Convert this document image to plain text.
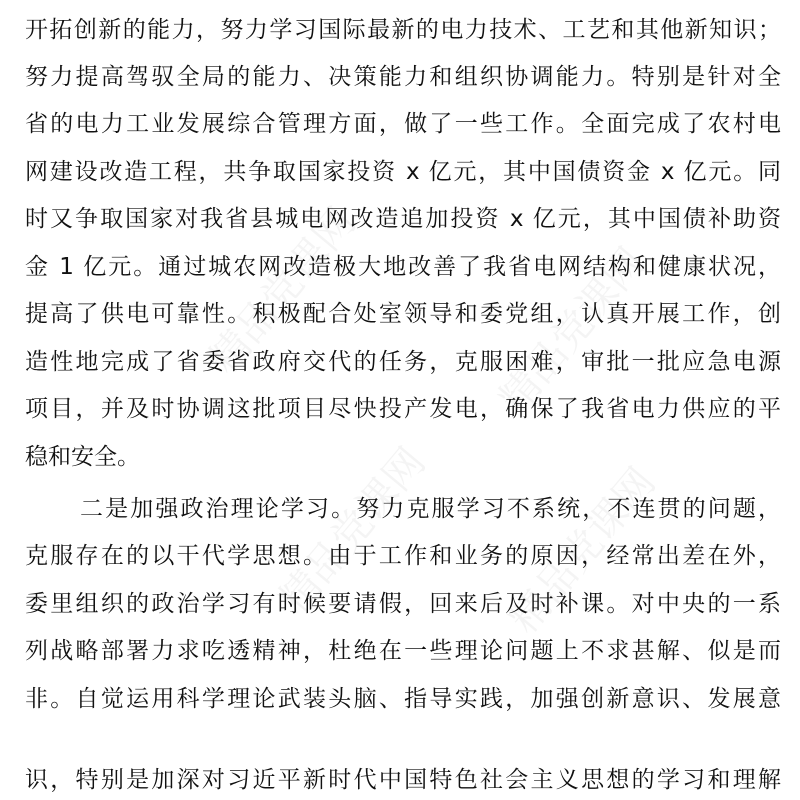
精品党课网	精品党课网
精品党课网 精品党课网
开拓创新的能力，努力学习国际最新的电力技术、工艺和其他新知识；
努力提高驾驭全局的能力、决策能力和组织协调能力。特别是针对全
省的电力工业发展综合管理方面，做了一些工作。全面完成了农村电
网建设改造工程，共争取国家投资 x 亿元，其中国债资金 x 亿元。同
时又争取国家对我省县城电网改造追加投资 x 亿元，其中国债补助资
金 1 亿元。通过城农网改造极大地改善了我省电网结构和健康状况，
提高了供电可靠性。积极配合处室领导和委党组，认真开展工作，创
造性地完成了省委省政府交代的任务，克服困难，审批一批应急电源
项目，并及时协调这批项目尽快投产发电，确保了我省电力供应的平
稳和安全。
二是加强政治理论学习。努力克服学习不系统，不连贯的问题，
克服存在的以干代学思想。由于工作和业务的原因，经常出差在外，
委里组织的政治学习有时候要请假，回来后及时补课。对中央的一系
列战略部署力求吃透精神，杜绝在一些理论问题上不求甚解、似是而
非。自觉运用科学理论武装头脑、指导实践，加强创新意识、发展意
识，特别是加深对习近平新时代中国特色社会主义思想的学习和理解
